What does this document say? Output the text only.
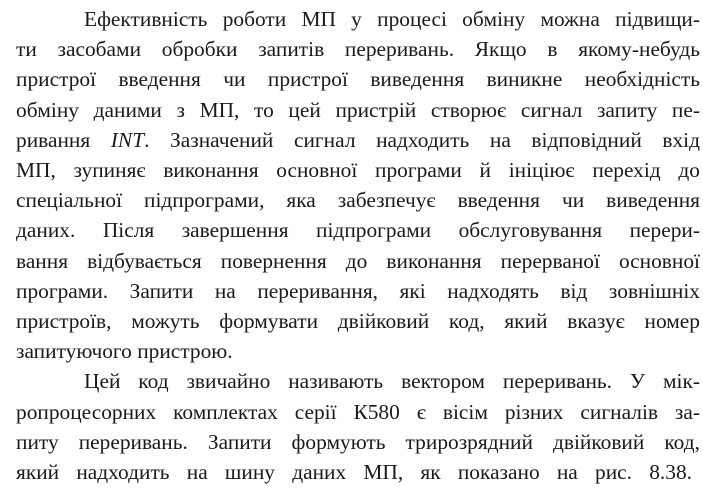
Ефективність роботи МП у процесі обміну можна підвищи-
ти засобами обробки запитів переривань. Якщо в якому-небудь
пристрої введення чи пристрої виведення виникне необхідність
обміну даними з МП, то цей пристрій створює сигнал запиту пе-
ривання INT. Зазначений сигнал надходить на відповідний вхід
МП, зупиняє виконання основної програми й ініціює перехід до
спеціальної підпрограми, яка забезпечує введення чи виведення
даних. Після завершення підпрограми обслуговування перери-
вання відбувається повернення до виконання перерваної основної
програми. Запити на переривання, які надходять від зовнішніх
пристроїв, можуть формувати двійковий код, який вказує номер
запитуючого пристрою.
Цей код звичайно називають вектором переривань. У мік-
ропроцесорних комплектах серії К580 є вісім різних сигналів за-
питу переривань. Запити формують трирозрядний двійковий код,
який надходить на шину даних МП, як показано на рис. 8.38.
